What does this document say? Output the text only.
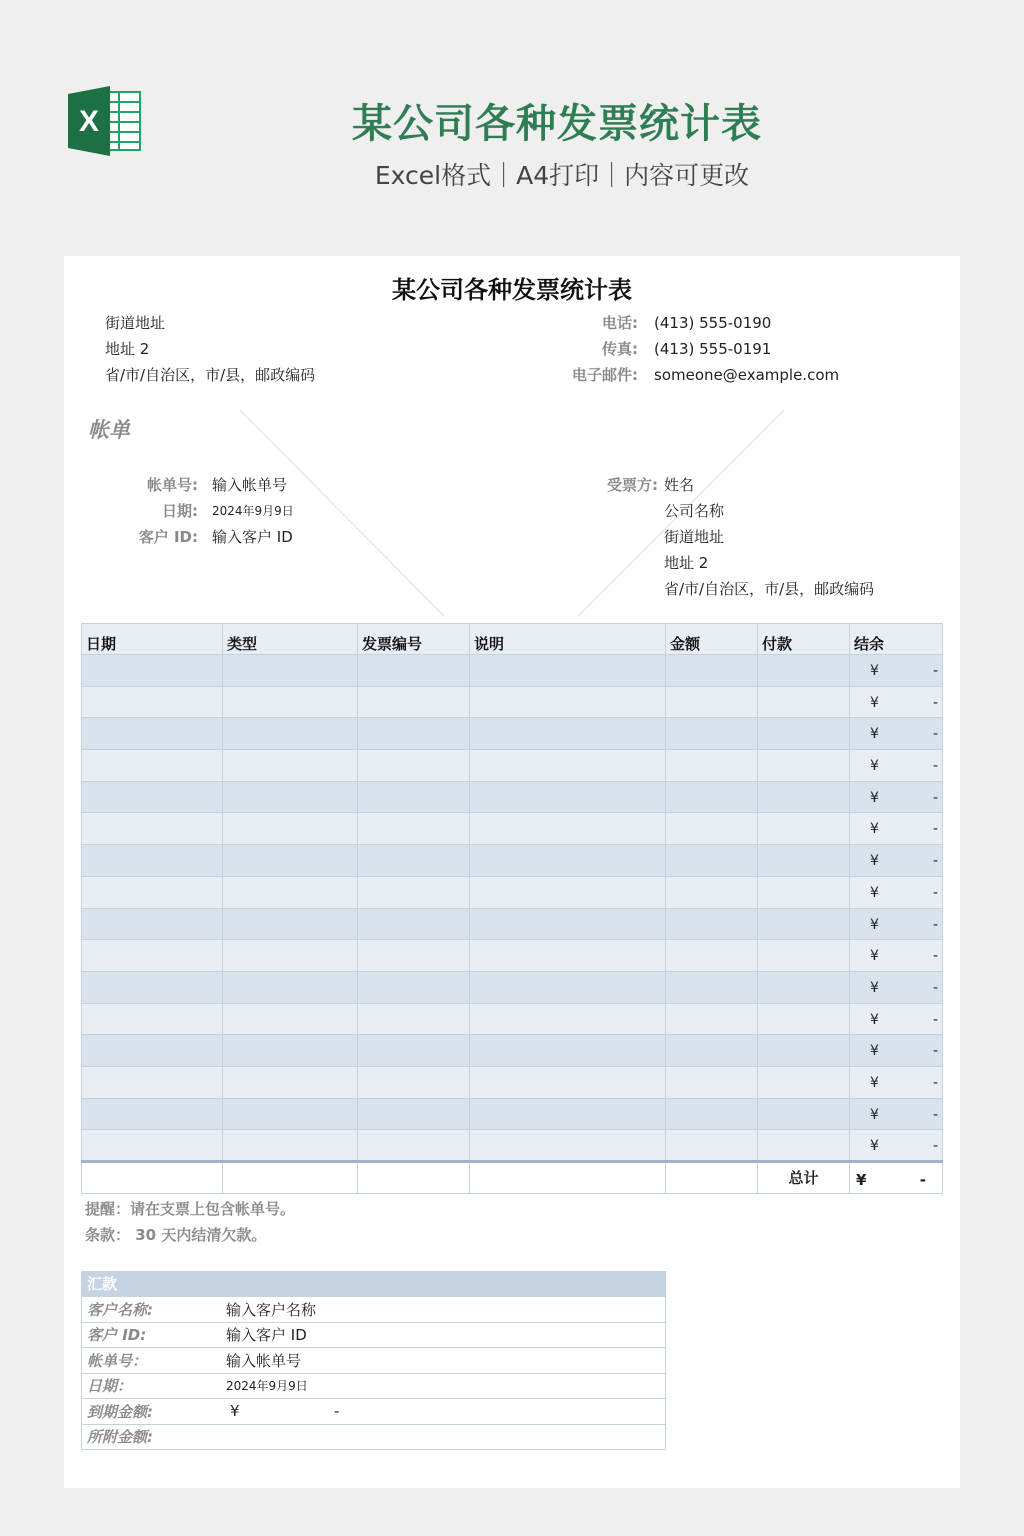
X	某公司各种发票统计表
Excel格式｜A4打印｜内容可更改
某公司各种发票统计表
街道地址
地址 2
省/市/自治区，市/县，邮政编码
电话:	(413) 555-0190
传真:	(413) 555-0191
电子邮件:	someone@example.com
帐单
帐单号: 输入帐单号
日期:	2024年9月9日
客户 ID: 输入客户 ID
受票方: 姓名
公司名称
街道地址
地址 2
省/市/自治区，市/县，邮政编码
日期	类型	发票编号	说明	金额	付款	结余

						¥ -

						¥ -

						¥ -

						¥ -

						¥ -

						¥ -

						¥ -

						¥ -

						¥ -

						¥ -

						¥ -

						¥ -

						¥ -

						¥ -

						¥ -

						¥ -

					总计	¥ -
提醒：请在支票上包含帐单号。
条款： 30 天内结清欠款。
汇款
客户名称:	输入客户名称
客户 ID:	输入客户 ID
帐单号：	输入帐单号
日期：	2024年9月9日
到期金额:	¥	-
所附金额:
